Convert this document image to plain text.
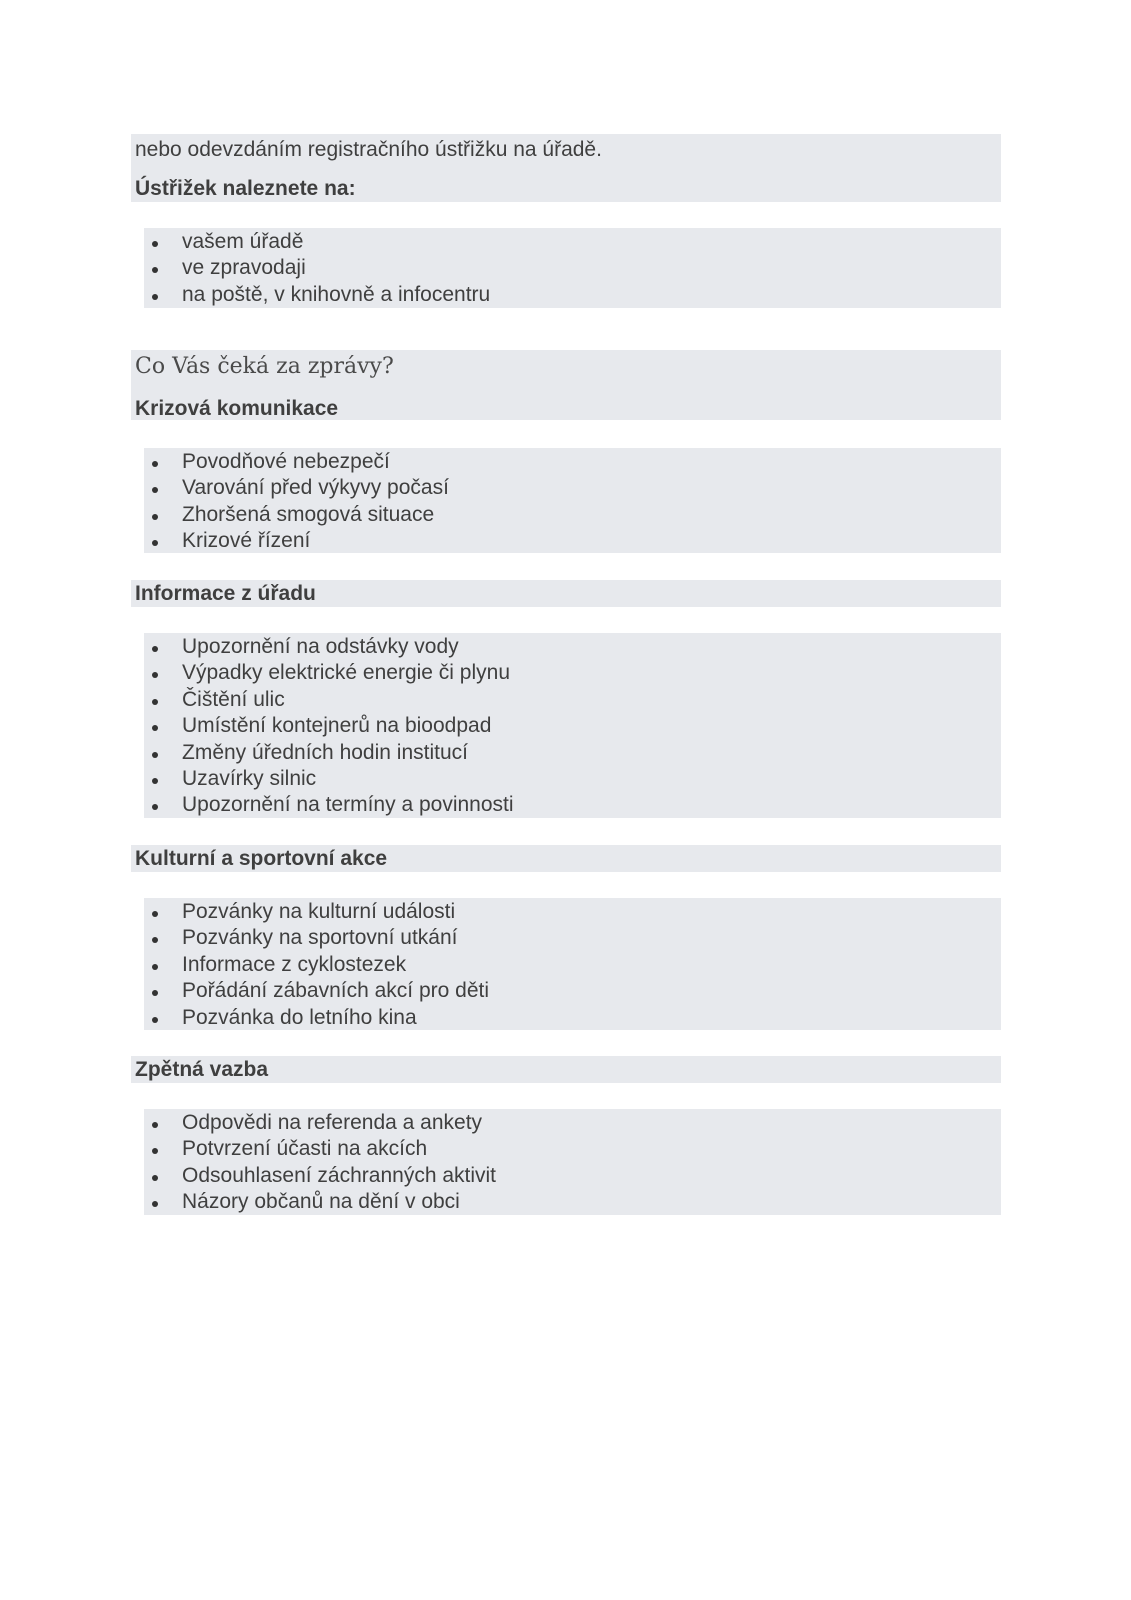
nebo odevzdáním registračního ústřižku na úřadě.
Ústřižek naleznete na:
vašem úřadě
ve zpravodaji
na poště, v knihovně a infocentru
Co Vás čeká za zprávy?
Krizová komunikace
Povodňové nebezpečí
Varování před výkyvy počasí
Zhoršená smogová situace
Krizové řízení
Informace z úřadu
Upozornění na odstávky vody
Výpadky elektrické energie či plynu
Čištění ulic
Umístění kontejnerů na bioodpad
Změny úředních hodin institucí
Uzavírky silnic
Upozornění na termíny a povinnosti
Kulturní a sportovní akce
Pozvánky na kulturní události
Pozvánky na sportovní utkání
Informace z cyklostezek
Pořádání zábavních akcí pro děti
Pozvánka do letního kina
Zpětná vazba
Odpovědi na referenda a ankety
Potvrzení účasti na akcích
Odsouhlasení záchranných aktivit
Názory občanů na dění v obci
